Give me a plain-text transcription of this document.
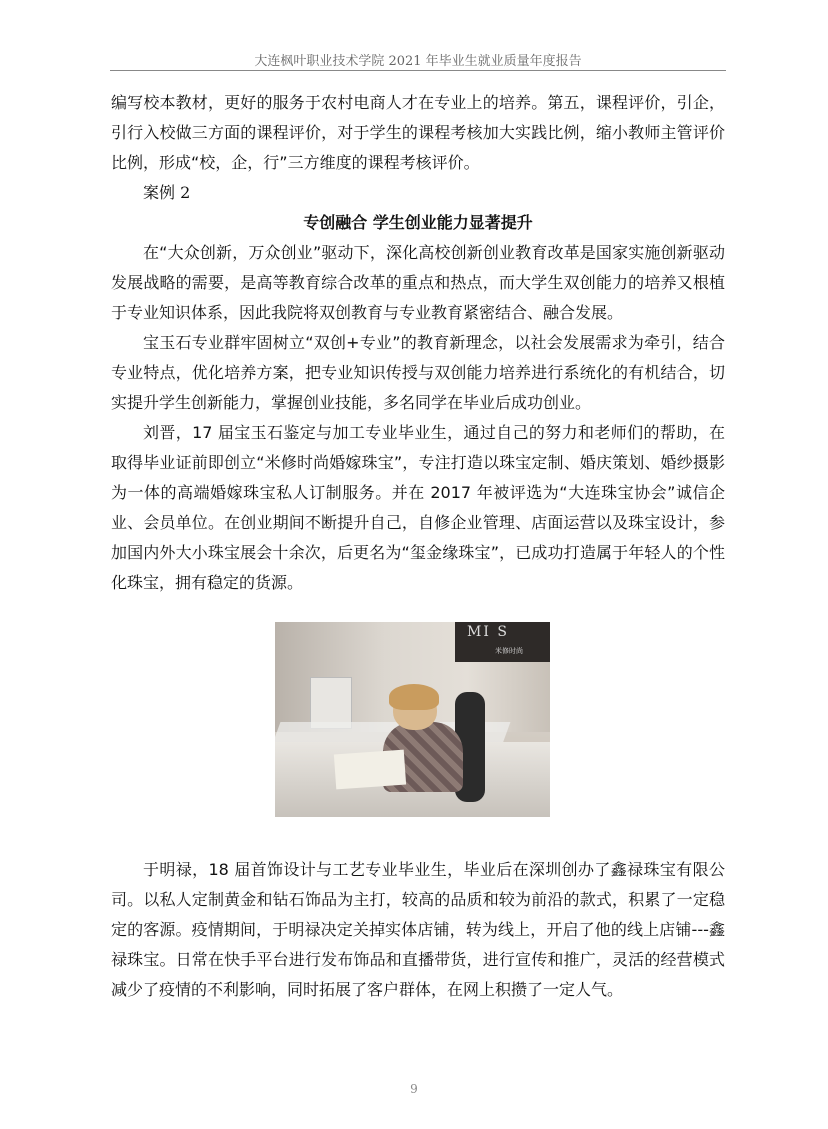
大连枫叶职业技术学院 2021 年毕业生就业质量年度报告

编写校本教材，更好的服务于农村电商人才在专业上的培养。第五，课程评价，引企，引行入校做三方面的课程评价，对于学生的课程考核加大实践比例，缩小教师主管评价比例，形成“校，企，行”三方维度的课程考核评价。

案例 2

专创融合 学生创业能力显著提升

在“大众创新，万众创业”驱动下，深化高校创新创业教育改革是国家实施创新驱动发展战略的需要，是高等教育综合改革的重点和热点，而大学生双创能力的培养又根植于专业知识体系，因此我院将双创教育与专业教育紧密结合、融合发展。

宝玉石专业群牢固树立“双创+专业”的教育新理念，以社会发展需求为牵引，结合专业特点，优化培养方案，把专业知识传授与双创能力培养进行系统化的有机结合，切实提升学生创新能力，掌握创业技能，多名同学在毕业后成功创业。

刘晋，17 届宝玉石鉴定与加工专业毕业生，通过自己的努力和老师们的帮助，在取得毕业证前即创立“米修时尚婚嫁珠宝”，专注打造以珠宝定制、婚庆策划、婚纱摄影为一体的高端婚嫁珠宝私人订制服务。并在 2017 年被评选为“大连珠宝协会”诚信企业、会员单位。在创业期间不断提升自己，自修企业管理、店面运营以及珠宝设计，参加国内外大小珠宝展会十余次，后更名为“玺金缘珠宝”，已成功打造属于年轻人的个性化珠宝，拥有稳定的货源。

MI S
米修时尚

于明禄，18 届首饰设计与工艺专业毕业生，毕业后在深圳创办了鑫禄珠宝有限公司。以私人定制黄金和钻石饰品为主打，较高的品质和较为前沿的款式，积累了一定稳定的客源。疫情期间，于明禄决定关掉实体店铺，转为线上，开启了他的线上店铺---鑫禄珠宝。日常在快手平台进行发布饰品和直播带货，进行宣传和推广，灵活的经营模式减少了疫情的不利影响，同时拓展了客户群体，在网上积攒了一定人气。

9
